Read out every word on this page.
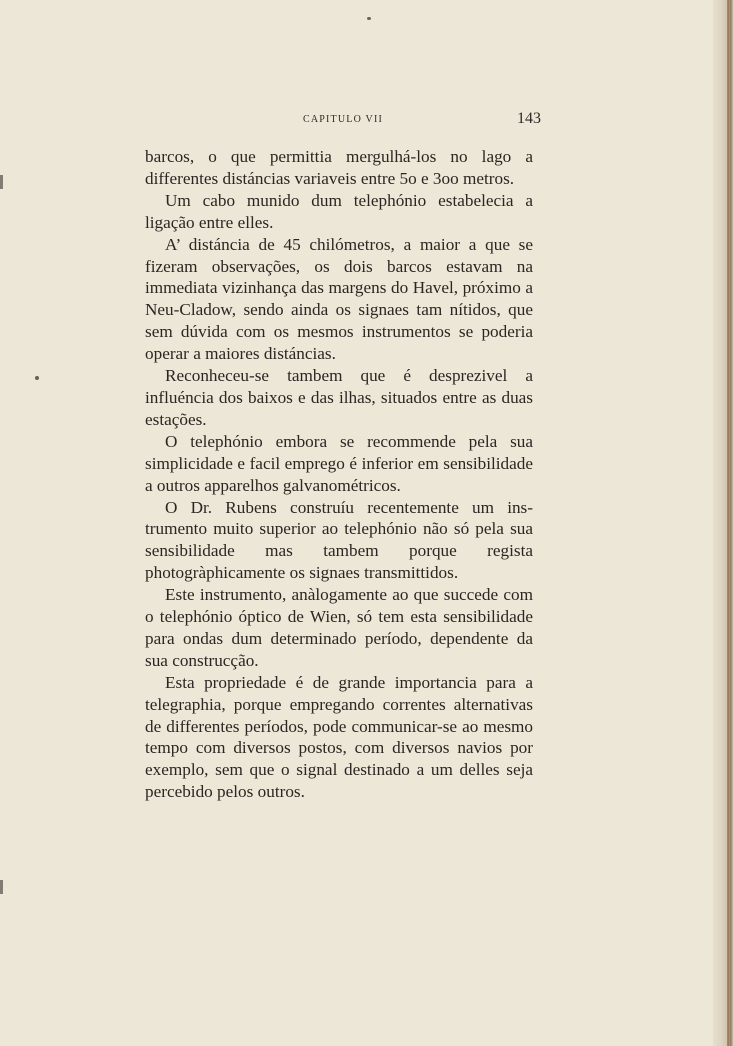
CAPITULO VII	143

barcos, o que permittia mergulhá-los no lago a differentes distáncias variaveis entre 5o e 3oo metros.

Um cabo munido dum telephónio estabelecia a ligação entre elles.

A’ distáncia de 45 chilómetros, a maior a que se fizeram observações, os dois barcos estavam na immediata vizinhança das margens do Havel, próximo a Neu-Cladow, sendo ainda os signaes tam nítidos, que sem dúvida com os mesmos instrumentos se poderia operar a maiores distáncias.

Reconheceu-se tambem que é desprezivel a influéncia dos baixos e das ilhas, situados entre as duas estações.

O telephónio embora se recommende pela sua simplicidade e facil emprego é inferior em sensibilidade a outros apparelhos galvanométricos.

O Dr. Rubens construíu recentemente um instrumento muito superior ao telephónio não só pela sua sensibilidade mas tambem porque regista photogràphicamente os signaes transmittidos.

Este instrumento, anàlogamente ao que succede com o telephónio óptico de Wien, só tem esta sensibilidade para ondas dum determinado período, dependente da sua construcção.

Esta propriedade é de grande importancia para a telegraphia, porque empregando correntes alternativas de differentes períodos, pode communicar-se ao mesmo tempo com diversos postos, com diversos navios por exemplo, sem que o signal destinado a um delles seja percebido pelos outros.
